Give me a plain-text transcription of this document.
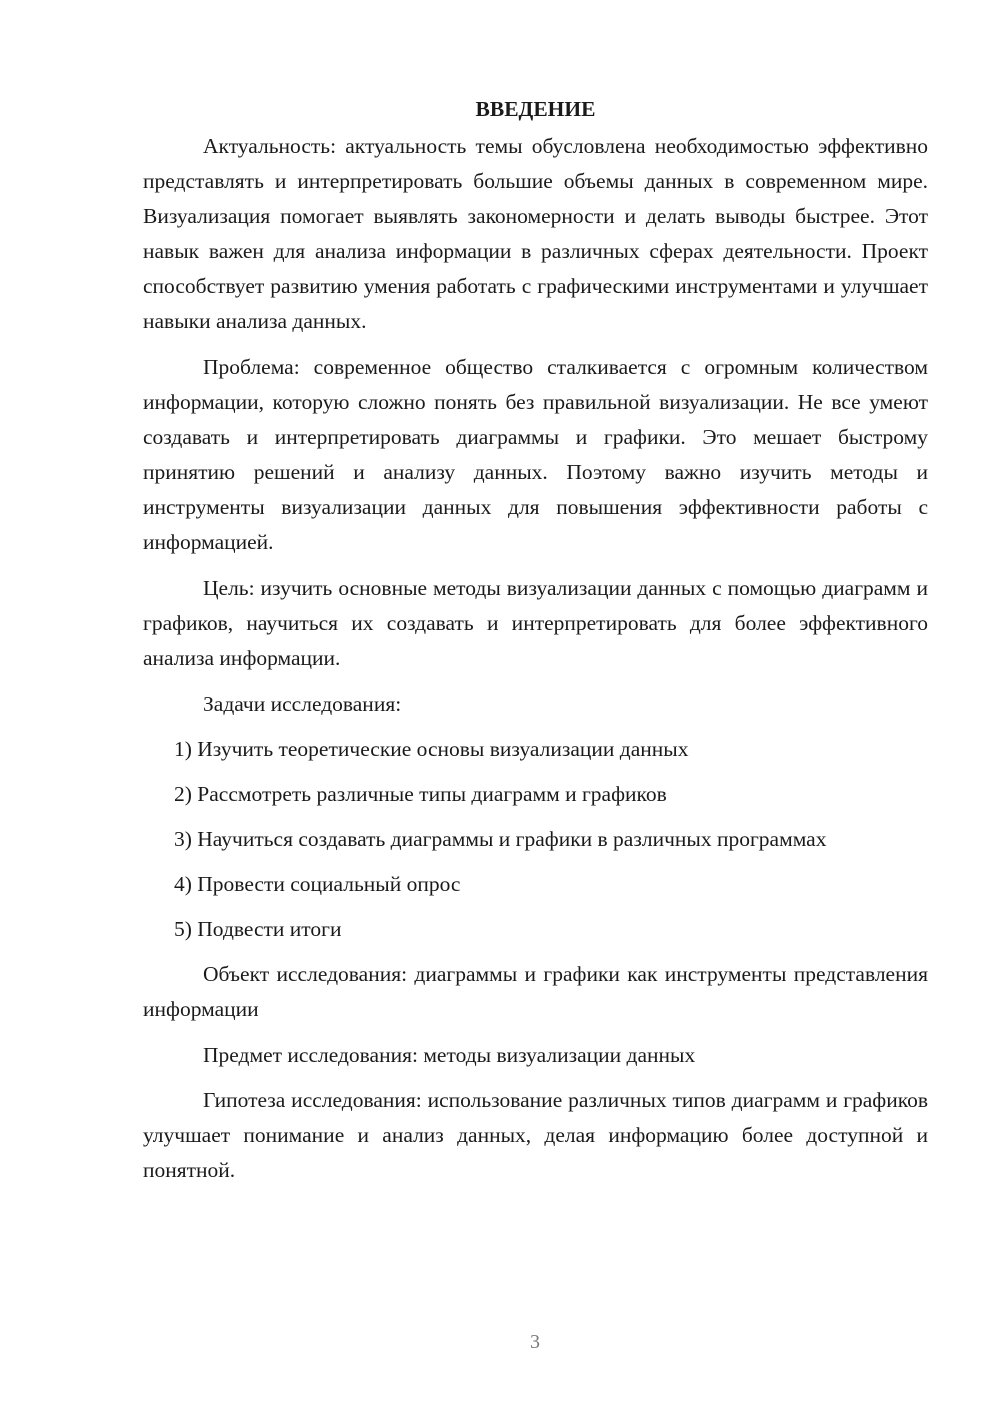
ВВЕДЕНИЕ

Актуальность: актуальность темы обусловлена необходимостью эффективно представлять и интерпретировать большие объемы данных в современном мире. Визуализация помогает выявлять закономерности и делать выводы быстрее. Этот навык важен для анализа информации в различных сферах деятельности. Проект способствует развитию умения работать с графическими инструментами и улучшает навыки анализа данных.

Проблема: современное общество сталкивается с огромным количеством информации, которую сложно понять без правильной визуализации. Не все умеют создавать и интерпретировать диаграммы и графики. Это мешает быстрому принятию решений и анализу данных. Поэтому важно изучить методы и инструменты визуализации данных для повышения эффективности работы с информацией.

Цель: изучить основные методы визуализации данных с помощью диаграмм и графиков, научиться их создавать и интерпретировать для более эффективного анализа информации.

Задачи исследования:

1) Изучить теоретические основы визуализации данных

2) Рассмотреть различные типы диаграмм и графиков

3) Научиться создавать диаграммы и графики в различных программах

4) Провести социальный опрос

5) Подвести итоги

Объект исследования: диаграммы и графики как инструменты представления информации

Предмет исследования: методы визуализации данных

Гипотеза исследования: использование различных типов диаграмм и графиков улучшает понимание и анализ данных, делая информацию более доступной и понятной.

3
